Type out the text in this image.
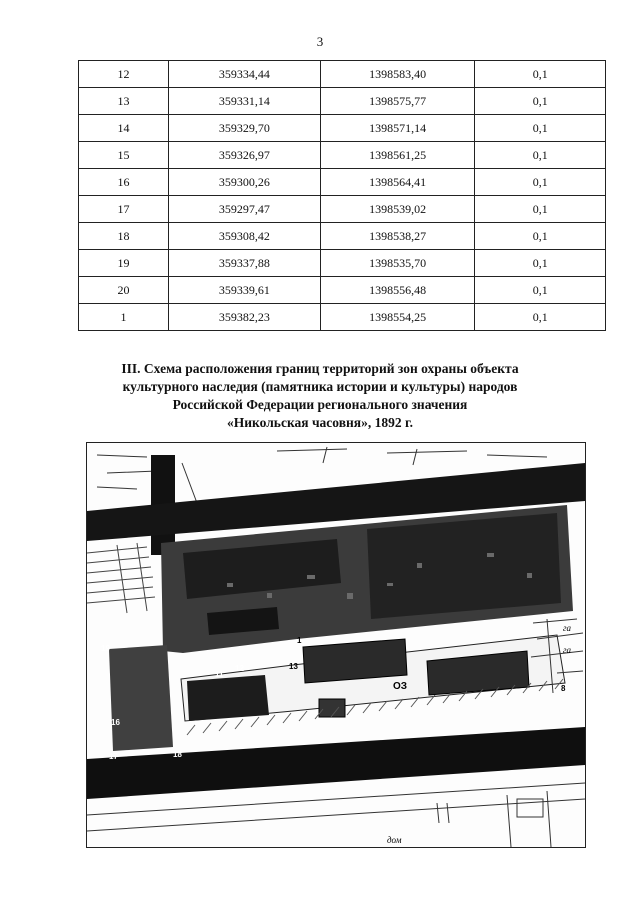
3
12	359334,44	1398583,40	0,1
13	359331,14	1398575,77	0,1
14	359329,70	1398571,14	0,1
15	359326,97	1398561,25	0,1
16	359300,26	1398564,41	0,1
17	359297,47	1398539,02	0,1
18	359308,42	1398538,27	0,1
19	359337,88	1398535,70	0,1
20	359339,61	1398556,48	0,1
1	359382,23	1398554,25	0,1
III. Схема расположения границ территорий зон охраны объекта
культурного наследия (памятника истории и культуры) народов
Российской Федерации регионального значения
«Никольская часовня», 1892 г.
1
11
12	13
16
17	18
19
8
ОЗ
гa
гa
дом
